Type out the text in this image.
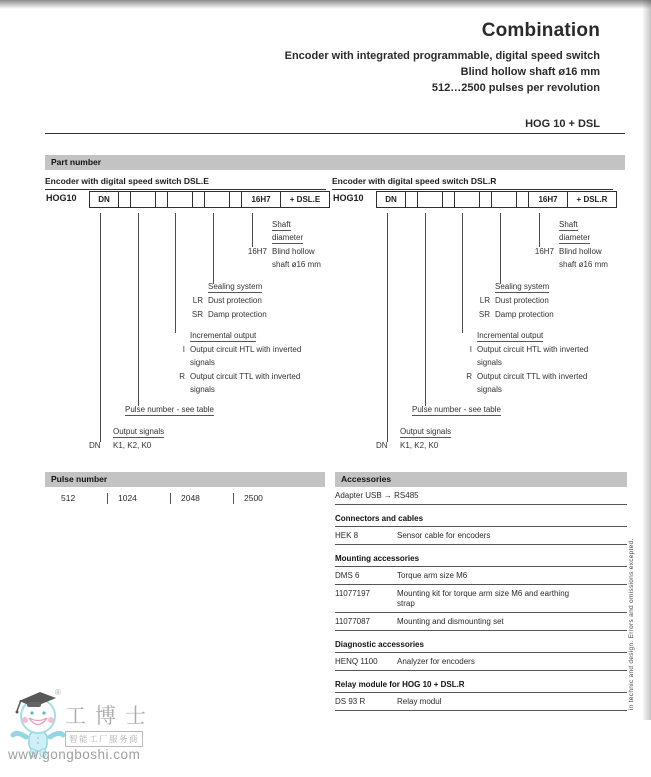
Combination
Encoder with integrated programmable, digital speed switch
Blind hollow shaft ø16 mm
512…2500 pulses per revolution
HOG 10 + DSL
Part number
Encoder with digital speed switch DSL.E
HOG10	DN	16H7	+ DSL.E
Shaft
diameter
16H7 Blind hollow
shaft ø16 mm
Sealing system
LR Dust protection
SR Damp protection
Incremental output
I Output circuit HTL with inverted
signals
R Output circuit TTL with inverted
signals
Pulse number - see table
Output signals
DN K1, K2, K0
Encoder with digital speed switch DSL.R
HOG10	DN	16H7	+ DSL.R
Shaft
diameter
16H7 Blind hollow
shaft ø16 mm
Sealing system
LR Dust protection
SR Damp protection
Incremental output
I Output circuit HTL with inverted
signals
R Output circuit TTL with inverted
signals
Pulse number - see table
Output signals
DN K1, K2, K0
Pulse number
512	1024	2048	2500
Accessories
Adapter USB → RS485
Connectors and cables
HEK 8	Sensor cable for encoders
Mounting accessories
DMS 6	Torque arm size M6
11077197	Mounting kit for torque arm size M6 and earthing strap
11077087	Mounting and dismounting set
Diagnostic accessories
HENQ 1100	Analyzer for encoders
Relay module for HOG 10 + DSL.R
DS 93 R	Relay modul	in technic and design. Errors and omissions excepted.
®
工博士
智能工厂服务商
www.gongboshi.com
